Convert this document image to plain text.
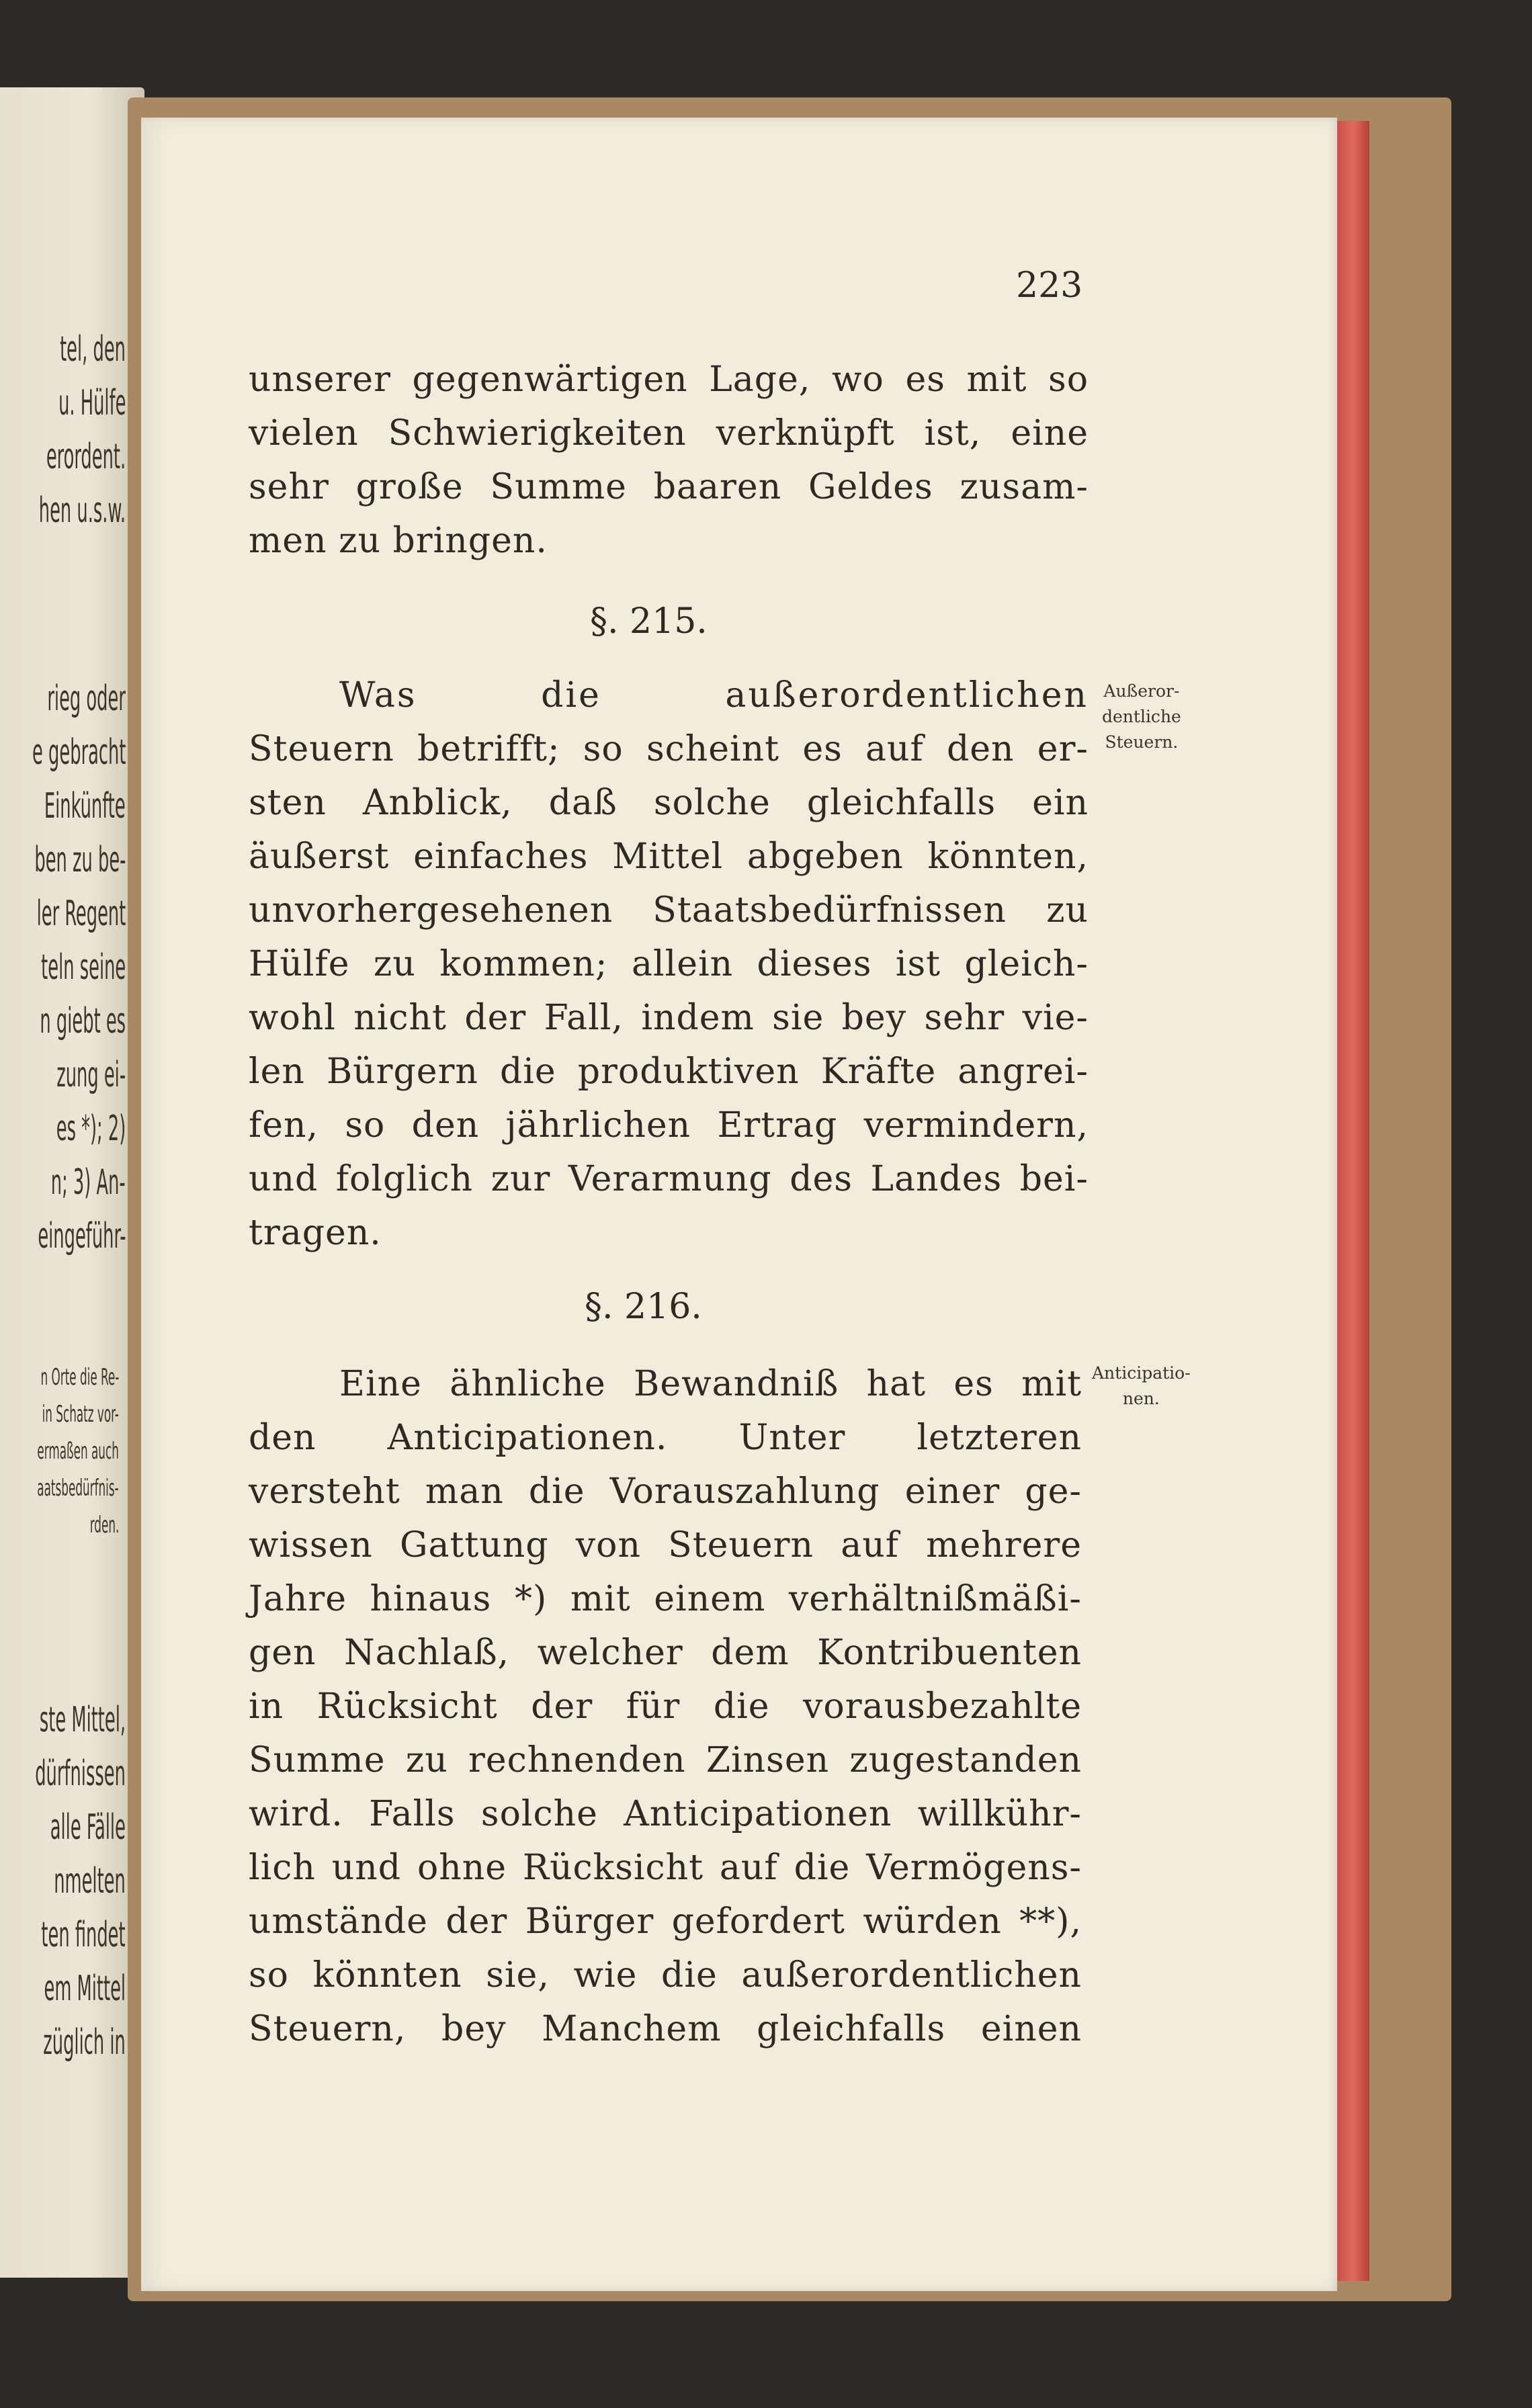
tel, den
u. Hülfe
erordent.
hen u.s.w.
rieg oder
e gebracht
Einkünfte
ben zu be-
ler Regent
teln seine
n giebt es
zung ei-
es *); 2)
n; 3) An-
eingeführ-
n Orte die Re-
in Schatz vor-
ermaßen auch
aatsbedürfnis-
rden.
ste Mittel,
dürfnissen
alle Fälle
nmelten
ten findet
em Mittel
züglich in
223
unserer gegenwärtigen Lage, wo es mit so
vielen Schwierigkeiten verknüpft ist, eine
sehr große Summe baaren Geldes zusam-
men zu bringen.
§. 215.
Außeror-
dentliche
Steuern.
Was die außerordentlichen
Steuern betrifft; so scheint es auf den er-
sten Anblick, daß solche gleichfalls ein
äußerst einfaches Mittel abgeben könnten,
unvorhergesehenen Staatsbedürfnissen zu
Hülfe zu kommen; allein dieses ist gleich-
wohl nicht der Fall, indem sie bey sehr vie-
len Bürgern die produktiven Kräfte angrei-
fen, so den jährlichen Ertrag vermindern,
und folglich zur Verarmung des Landes bei-
tragen.
§. 216.
Anticipatio-
nen.
Eine ähnliche Bewandniß hat es mit
den Anticipationen. Unter letzteren
versteht man die Vorauszahlung einer ge-
wissen Gattung von Steuern auf mehrere
Jahre hinaus *) mit einem verhältnißmäßi-
gen Nachlaß, welcher dem Kontribuenten
in Rücksicht der für die vorausbezahlte
Summe zu rechnenden Zinsen zugestanden
wird. Falls solche Anticipationen willkühr-
lich und ohne Rücksicht auf die Vermögens-
umstände der Bürger gefordert würden **),
so könnten sie, wie die außerordentlichen
Steuern, bey Manchem gleichfalls einen
